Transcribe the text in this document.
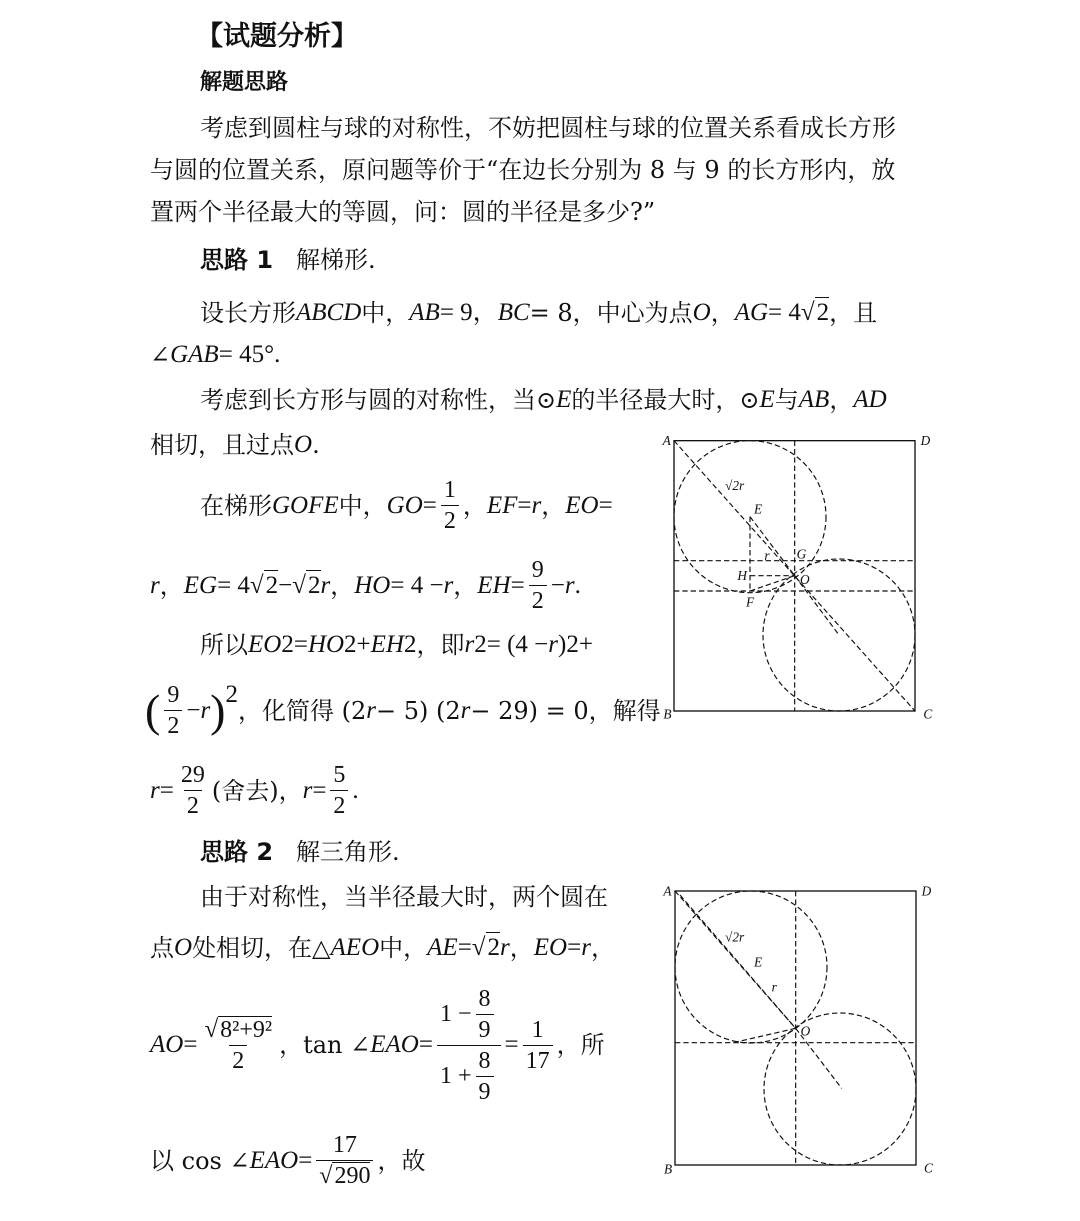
【试题分析】
解题思路
考虑到圆柱与球的对称性，不妨把圆柱与球的位置关系看成长方形
与圆的位置关系，原问题等价于“在边长分别为 8 与 9 的长方形内，放
置两个半径最大的等圆，问：圆的半径是多少?”
思路 1
解梯形.
设长方形 ABCD 中， AB = 9， BC = 8，中心为点 O ， AG = 4 √ 2 ，且
∠ GAB = 45°.
考虑到长方形与圆的对称性，当⊙ E 的半径最大时，⊙ E 与 AB ， AD
相切，且过点 O .
在梯形 GOFE 中， GO = $\frac{1}{2}$ ， EF = r ， EO =
r ， EG = 4 √ 2 − √ 2 r ， HO = 4 − r ， EH = $\frac{9}{2} - r$ .
所以 EO 2 = HO 2 + EH 2 ，即 r 2 = (4 − r ) 2 +
( $\frac{9}{2} - r$ ) 2
，化简得 (2 r − 5) (2 r − 29) = 0，解得
$r = \frac{29}{2}$ (舍去)， $r = \frac{5}{2}$ .
思路 2
解三角形.
由于对称性，当半径最大时，两个圆在
点 O 处相切，在△ AEO 中， AE = √ 2 r ， EO = r ，
AO = $\frac{\text{√8²+9²}}{2}$ ，tan ∠ EAO = $\frac{1 - \frac{8}{9}}{1 + \frac{8}{9}} = \frac{1}{17}$ ，所
以 cos ∠ EAO = $\frac{17}{√290}$ ，故
A	D
B	C
√2r
E
r G
H O
F
A	D
B	C
√2r
E
r
O
